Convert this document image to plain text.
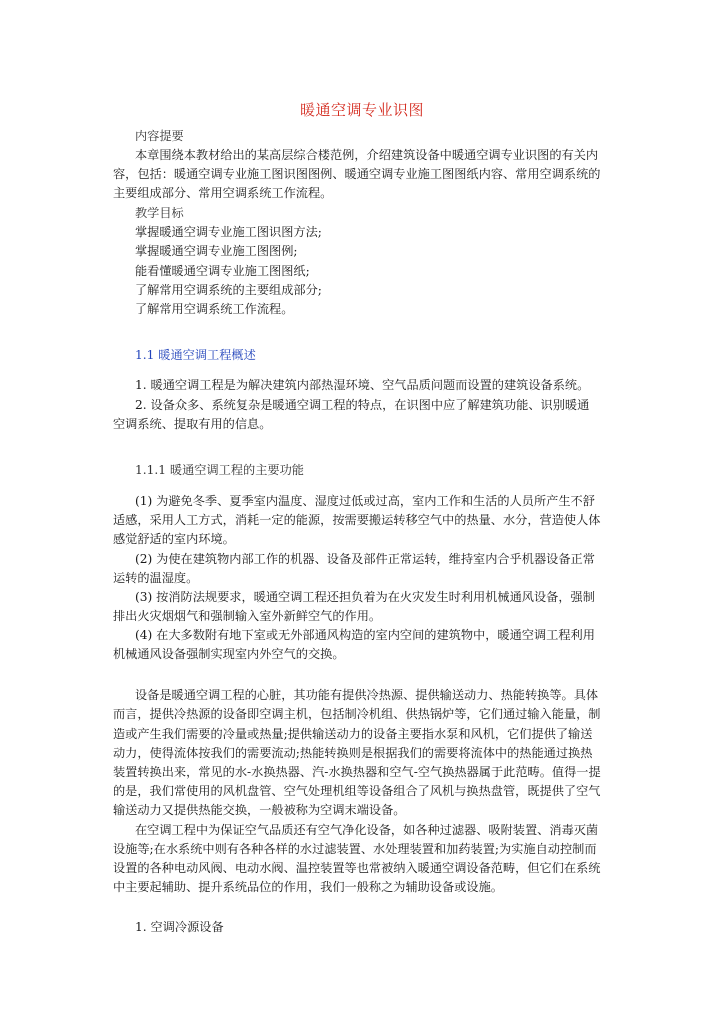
暖通空调专业识图
内容提要
本章围绕本教材给出的某高层综合楼范例，介绍建筑设备中暖通空调专业识图的有关内
容，包括：暖通空调专业施工图识图图例、暖通空调专业施工图图纸内容、常用空调系统的
主要组成部分、常用空调系统工作流程。
教学目标
掌握暖通空调专业施工图识图方法;
掌握暖通空调专业施工图图例;
能看懂暖通空调专业施工图图纸;
了解常用空调系统的主要组成部分;
了解常用空调系统工作流程。
1.1 暖通空调工程概述
1. 暖通空调工程是为解决建筑内部热湿环境、空气品质问题而设置的建筑设备系统。
2. 设备众多、系统复杂是暖通空调工程的特点，在识图中应了解建筑功能、识别暖通
空调系统、提取有用的信息。
1.1.1 暖通空调工程的主要功能
(1) 为避免冬季、夏季室内温度、湿度过低或过高，室内工作和生活的人员所产生不舒
适感，采用人工方式，消耗一定的能源，按需要搬运转移空气中的热量、水分，营造使人体
感觉舒适的室内环境。
(2) 为使在建筑物内部工作的机器、设备及部件正常运转，维持室内合乎机器设备正常
运转的温湿度。
(3) 按消防法规要求，暖通空调工程还担负着为在火灾发生时利用机械通风设备，强制
排出火灾烟烟气和强制输入室外新鲜空气的作用。
(4) 在大多数附有地下室或无外部通风构造的室内空间的建筑物中，暖通空调工程利用
机械通风设备强制实现室内外空气的交换。
设备是暖通空调工程的心脏，其功能有提供冷热源、提供输送动力、热能转换等。具体
而言，提供冷热源的设备即空调主机，包括制冷机组、供热锅炉等，它们通过输入能量，制
造或产生我们需要的冷量或热量;提供输送动力的设备主要指水泵和风机，它们提供了输送
动力，使得流体按我们的需要流动;热能转换则是根据我们的需要将流体中的热能通过换热
装置转换出来，常见的水-水换热器、汽-水换热器和空气-空气换热器属于此范畴。值得一提
的是，我们常使用的风机盘管、空气处理机组等设备组合了风机与换热盘管，既提供了空气
输送动力又提供热能交换，一般被称为空调末端设备。
在空调工程中为保证空气品质还有空气净化设备，如各种过滤器、吸附装置、消毒灭菌
设施等;在水系统中则有各种各样的水过滤装置、水处理装置和加药装置;为实施自动控制而
设置的各种电动风阀、电动水阀、温控装置等也常被纳入暖通空调设备范畴，但它们在系统
中主要起辅助、提升系统品位的作用，我们一般称之为辅助设备或设施。
1. 空调冷源设备
